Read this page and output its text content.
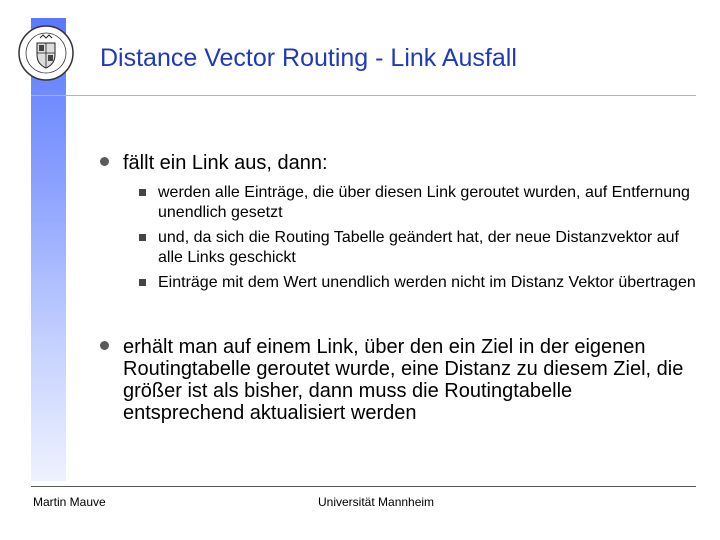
Distance Vector Routing - Link Ausfall
fällt ein Link aus, dann:
werden alle Einträge, die über diesen Link geroutet wurden, auf Entfernung unendlich gesetzt
und, da sich die Routing Tabelle geändert hat, der neue Distanzvektor auf alle Links geschickt
Einträge mit dem Wert unendlich werden nicht im Distanz Vektor übertragen
erhält man auf einem Link, über den ein Ziel in der eigenen Routingtabelle geroutet wurde, eine Distanz zu diesem Ziel, die größer ist als bisher, dann muss die Routingtabelle entsprechend aktualisiert werden
Martin Mauve	Universität Mannheim
